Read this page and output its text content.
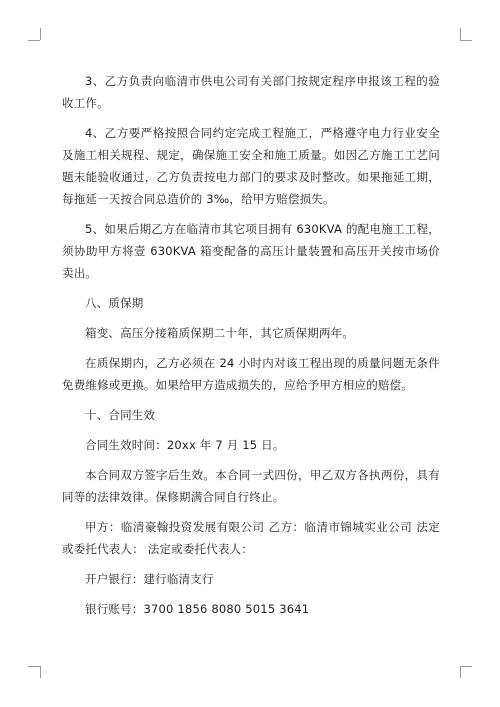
3、乙方负责向临清市供电公司有关部门按规定程序申报该工程的验收工作。

4、乙方要严格按照合同约定完成工程施工，严格遵守电力行业安全及施工相关规程、规定，确保施工安全和施工质量。如因乙方施工工艺问题未能验收通过，乙方负责按电力部门的要求及时整改。如果拖延工期，每拖延一天按合同总造价的 3‰，给甲方赔偿损失。

5、如果后期乙方在临清市其它项目拥有 630KVA 的配电施工工程，须协助甲方将壹 630KVA 箱变配备的高压计量装置和高压开关按市场价卖出。

八、质保期

箱变、高压分接箱质保期二十年，其它质保期两年。

在质保期内，乙方必须在 24 小时内对该工程出现的质量问题无条件免费维修或更换。如果给甲方造成损失的，应给予甲方相应的赔偿。

十、合同生效

合同生效时间：20xx 年 7 月 15 日。

本合同双方签字后生效。本合同一式四份，甲乙双方各执两份，具有同等的法律效律。保修期满合同自行终止。

甲方：临清豪翰投资发展有限公司 乙方：临清市锦城实业公司 法定或委托代表人： 法定或委托代表人：

开户银行：建行临清支行

银行账号：3700 1856 8080 5015 3641
